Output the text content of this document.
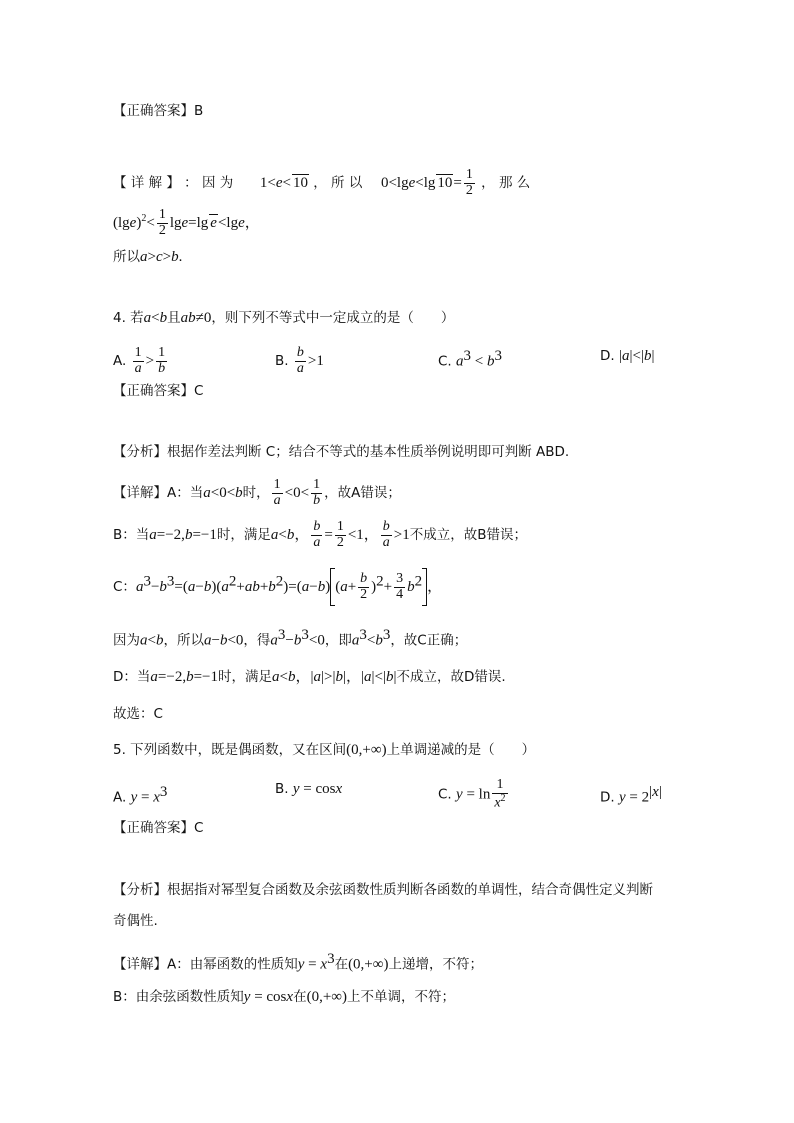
【正确答案】B
【 详 解 】 ： 因 为 1<e< 10 ， 所 以 0<lge<lg $10= \frac{1}{2}$ ， 那 么
$(\lg e)^2< \frac{1}{2} \lg e=\lg$ e<lge，
所以a>c>b.
4. 若a<b且ab≠0，则下列不等式中一定成立的是（　　）
A. $\frac{1}{a} > \frac{1}{b}$	B. $\frac{b}{a} >1$	C. $a^3 < b^3$	D. |a|<|b|
【正确答案】C
【分析】根据作差法判断 C；结合不等式的基本性质举例说明即可判断 ABD.
【详解】A：当a<0<b时， $\frac{1}{a} <0< \frac{1}{b}$ ，故A错误；
B：当a=−2,b=−1时，满足a<b， $\frac{b}{a} = \frac{1}{2} <1$， $\frac{b}{a} >1$不成立，故B错误；
C：$a^3-b^3=(a-b)(a^2+ab+b^2)=(a-b)$ $(a+ \frac{b}{2} )^2+ \frac{3}{4} b^2$ ，
因为a<b，所以a−b<0，得$a^3-b^3<0$，即$a^3<b^3$，故C正确；
D：当a=−2,b=−1时，满足a<b，|a|>|b|，|a|<|b|不成立，故D错误.
故选：C
5. 下列函数中，既是偶函数，又在区间(0,+∞)上单调递减的是（　　）
A. $y = x^3$	B. y = cosx	C. $y = \ln \frac{1}{x^2}$	D. $y = 2^{|x|}$
【正确答案】C
【分析】根据指对幂型复合函数及余弦函数性质判断各函数的单调性，结合奇偶性定义判断
奇偶性.
【详解】A：由幂函数的性质知$y = x^3$在(0,+∞)上递增，不符；
B：由余弦函数性质知y = cosx在(0,+∞)上不单调，不符；
